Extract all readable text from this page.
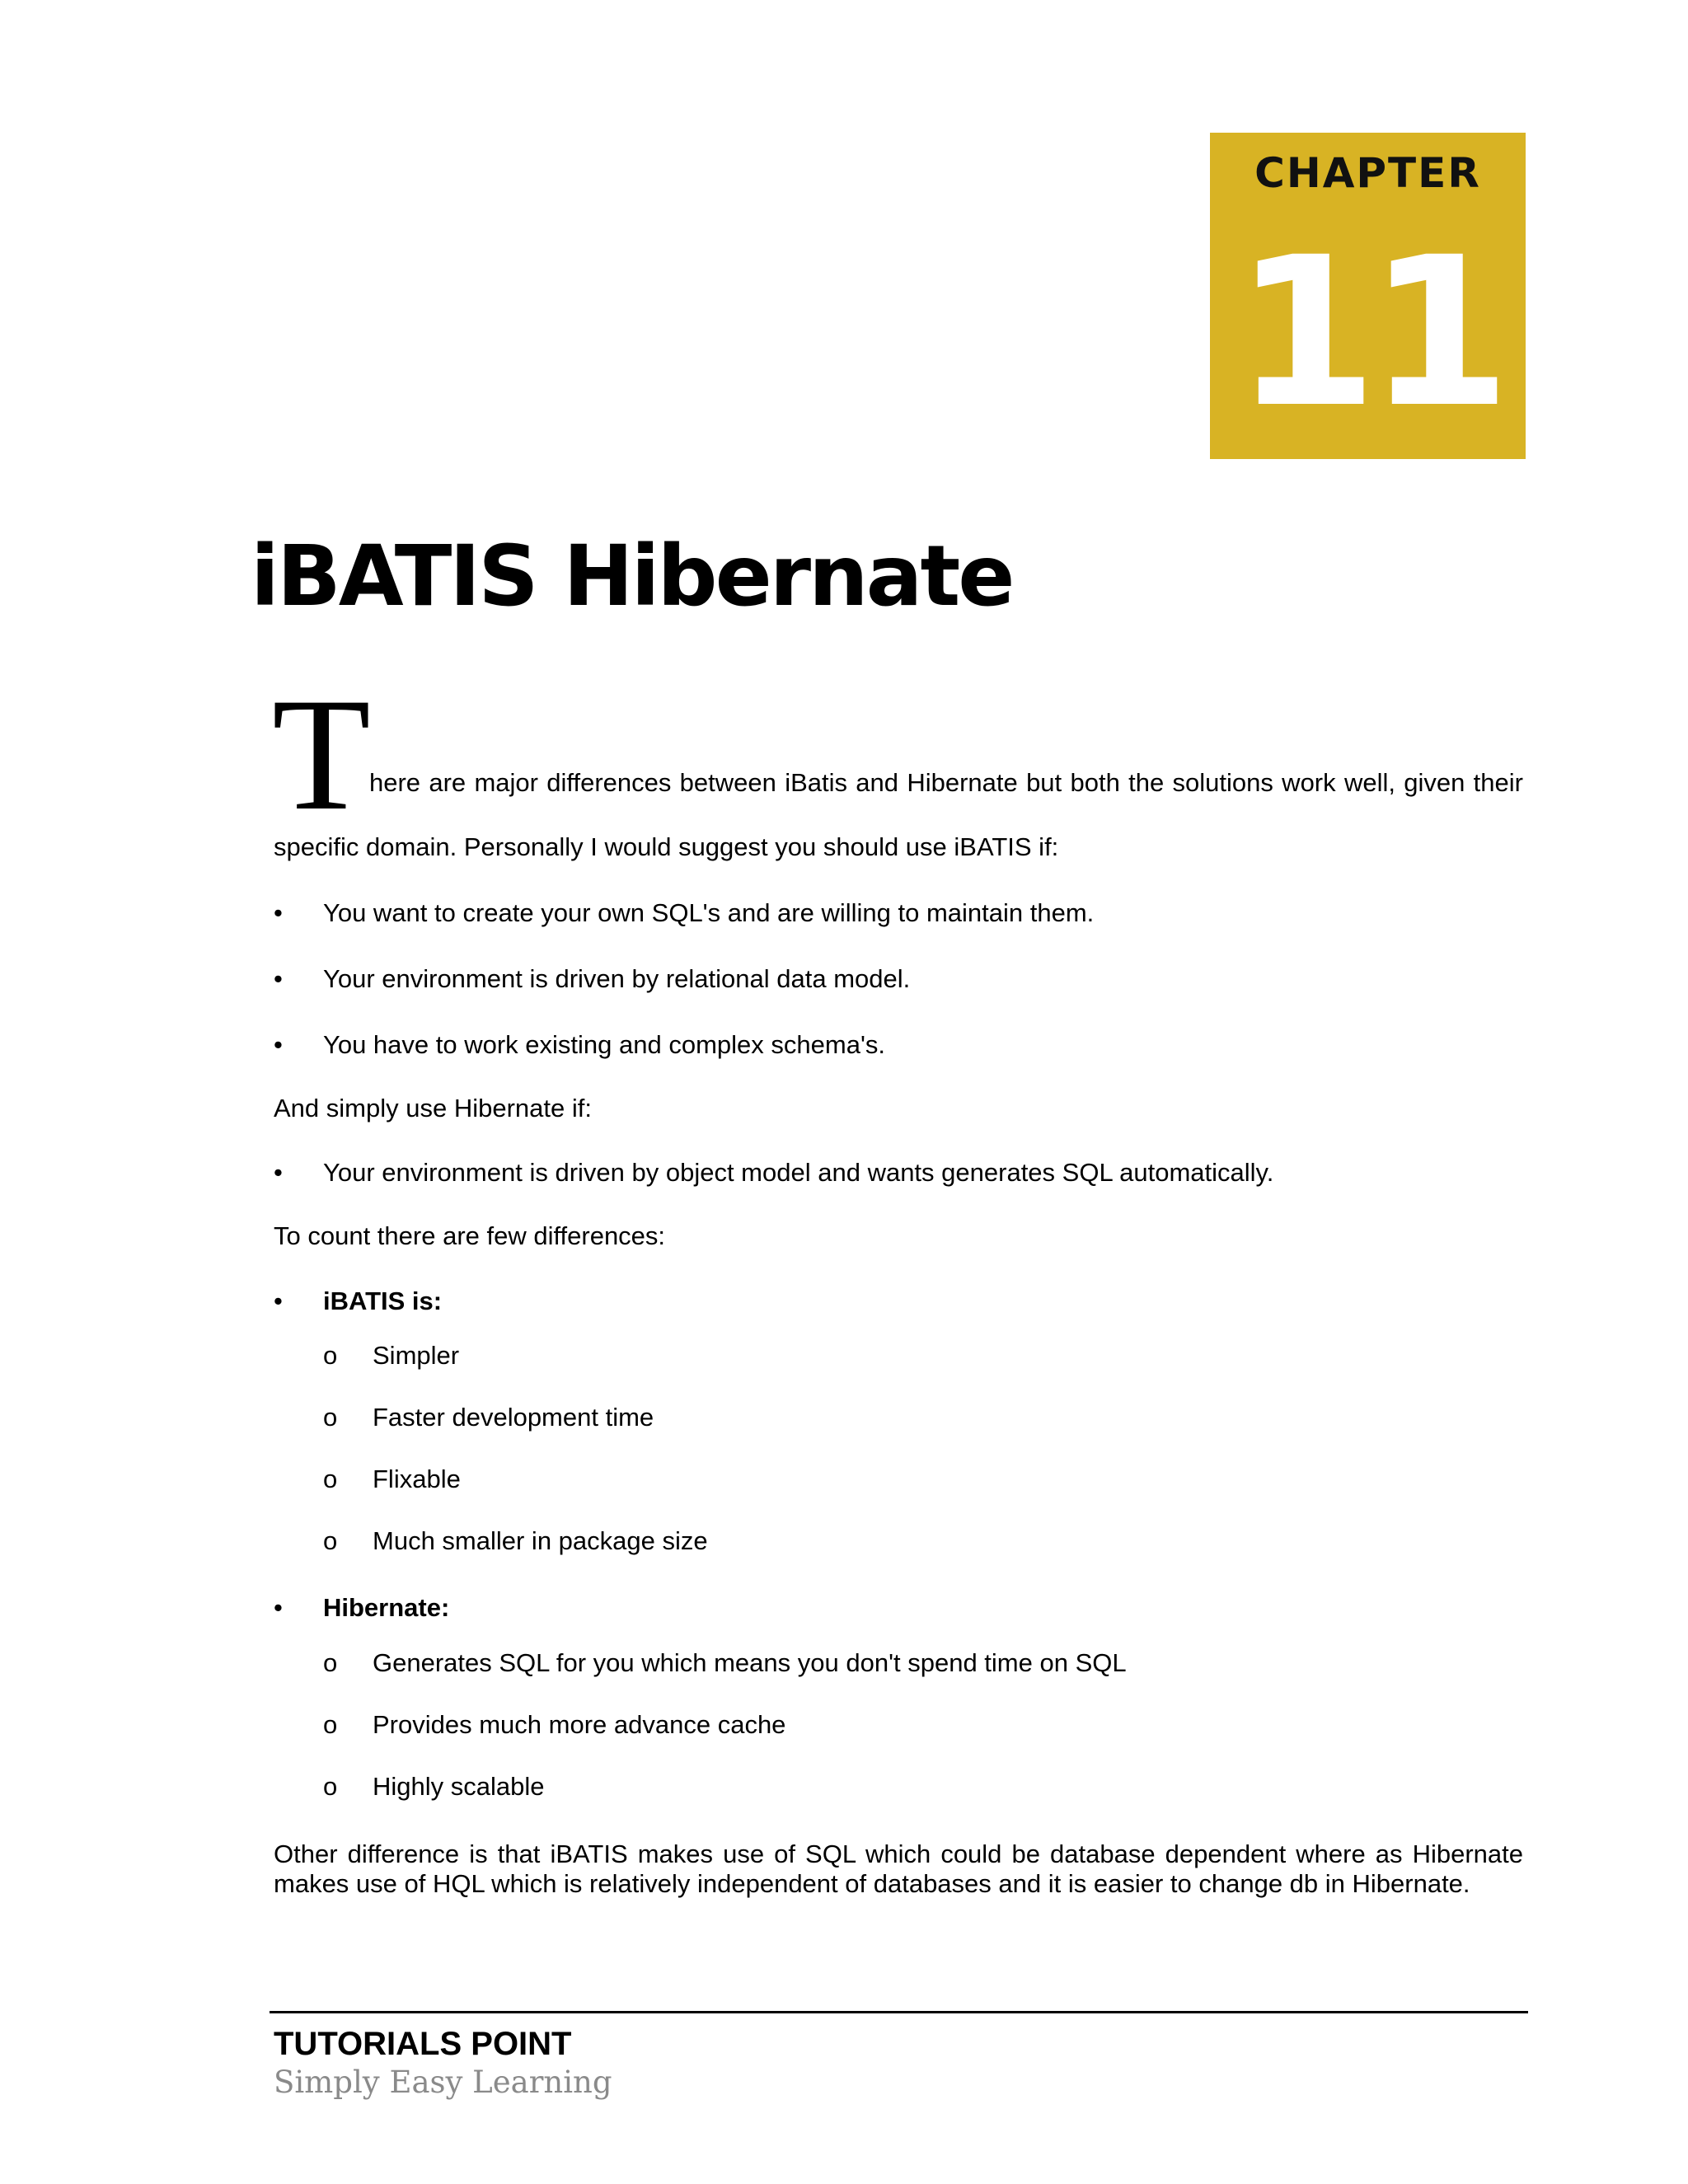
CHAPTER
11
iBATIS Hibernate
T
here are major differences between iBatis and Hibernate but both the solutions work well, given their
specific domain. Personally I would suggest you should use iBATIS if:
• You want to create your own SQL's and are willing to maintain them.
• Your environment is driven by relational data model.
• You have to work existing and complex schema's.
And simply use Hibernate if:
• Your environment is driven by object model and wants generates SQL automatically.
To count there are few differences:
• iBATIS is:
o Simpler
o Faster development time
o Flixable
o Much smaller in package size
• Hibernate:
o Generates SQL for you which means you don't spend time on SQL
o Provides much more advance cache
o Highly scalable
Other difference is that iBATIS makes use of SQL which could be database dependent where as Hibernate makes use of HQL which is relatively independent of databases and it is easier to change db in Hibernate.
TUTORIALS POINT
Simply Easy Learning
